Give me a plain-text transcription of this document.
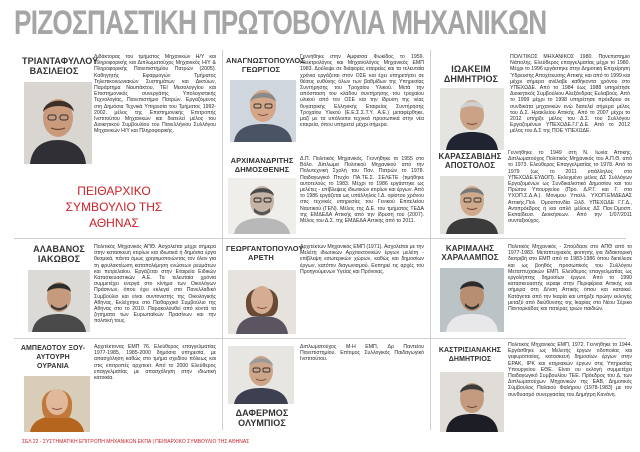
ΡΙΖΟΣΠΑΣΤΙΚΗ ΠΡΩΤΟΒΟΥΛΙΑ ΜΗΧΑΝΙΚΩΝ
ΤΡΙΑΝΤΑΦΥΛΛΟΥ ΒΑΣΙΛΕΙΟΣ
Διδάκτορας του τμήματος Μηχανικών Η/Υ και Πληροφορικής και Διπλωματούχος Μηχανικός Η/Υ & Πληροφορικής Πανεπιστημίου Πατρών (2005). Καθηγητής Εφαρμογών Τμήματος Τηλεπικοινωνιακών Συστημάτων και Δικτύων, Παράρτημα Ναυπάκτου, ΤΕΙ Μεσολογγίου και Επιστημονικός συνεργάτης Υπολογιστικής Τεχνολογίας, Πανεπιστήμιο Πατρών. Εργαζόμενος στη Δημόσια Τεχνικά Υπηρεσία του Τμήματος 1992-2002. μέλος της Επιστημονικής Επιτροπής Ινστιτούτου Μηχανικών και διατελεί μέλος του Διοικητικού Συμβουλίου του Πανελλήνιου Συλλόγου Μηχανικών Η/Υ και Πληροφορικής.
ΠΕΙΘΑΡΧΙΚΟ ΣΥΜΒΟΥΛΙΟ ΤΗΣ ΑΘΗΝΑΣ
ΑΝΑΓΝΩΣΤΟΠΟΥΛΟΣ ΓΕΩΡΓΙΟΣ
Γεννήθηκε στην Αμφισσα Φωκίδος το 1959. Ηλεκτρολόγος και Μηχανολόγος Μηχανικός ΕΜΠ 1983. Δούλεψε σε διάφορες εταιρείες και τα τελευταία χρόνια εργάζεται στον ΟΣΕ και έχει υπηρετήσει σε θέσεις ευθύνης όλων των βαθμίδων της Υπηρεσίας Συντήρησης του Τροχαίου Υλικού. Μετά την απόσπαση του κλάδου συντήρησης του τροχαίου υλικού από τον ΟΣΕ και την ίδρυση της νέας θυγατρικής Ελληνικής Εταιρείας Συντήρησης Τροχαίου Υλικού (Ε.Ε.Σ.Σ.Τ.Υ. Α.Ε.) μεταφέρθηκε, μαζί με τα υπόλοιπα τεχνικά προσωπικά στην νέα εταιρεία, όπου υπηρετεί μέχρι σήμερα.
ΠΟΛΙΤΙΚΟΣ ΜΗΧΑΝΙΚΟΣ 1980. Πανεπιστήμιο Νάπολης. Ελεύθερος επαγγελματίας μέχρι το 1980. Μέχρι το 1996 εργάστηκε στην Δημοτική Επιχείρηση Ύδρευσης Αποχέτευσης Αττικής και από το 1999 και μέχρι σήμερα ανέλαβε καθήκοντα χρόνου στο ΥΠΕΧΩΔΕ. Από το 1984 έως 1988 υπηρέτησε Διοικητικός Συμβούλιου Αλεξάνδρας Ευλαβούς. Από το 1999 μέχρι το 1998 υπηρέτησε πρόεδρου σε συνδικάτα μηχανικών ενώ διατελεί σήμερα μέλος του Δ.Σ. Ηρακλείου Αττικής. Από το 2007 μέχρι το 2012 υπήρξε μέλος του Δ.Σ. του Συλλόγου Εργαζομένων ΥΠΕΧΩΔΕ.Γ.Γ.Δ.Ε. Από το 2012 μέλος του Δ.Σ της ΠΟΕ ΥΠΕΧΩΔΕ.
ΙΩΑΚΕΙΜ ΔΗΜΗΤΡΙΟΣ
ΑΡΧΙΜΑΝΔΡΙΤΗΣ ΔΗΜΟΣΘΕΝΗΣ
Δ.Π. Πολιτικός Μηχανικός. Γεννήθηκε το 1955 στο Βόλο. Δίπλωμα Πολιτικού Μηχανικού από την Πολυτεχνική Σχολή του Παν. Πατρών το 1978. Παιδαγωγικό Πτυχίο ΠΑ.ΤΕ.Σ. ΣΕΛΕΤΕ (τιμήθηκε αυτοτελούς το 1983. Μέχρι το 1986 εργάστηκε ως μελέτες - επίβλεψεις ιδιωτικών κτιρίων και έργων. Από το 1986 εργάζεται ως υπάλληλος Ι.Δ. ορίστου χρόνου στις τεχνικές υπηρεσίες του Γενικού Επιτελείου Ναυτικού (ΓΕΝ). Μέλος της Δ.Ε. του τμήματος ΤΕΔΑ της ΕΜΔΕΔΑ Αττικής από την ίδρυση του (2007). Μέλος του Δ.Σ. της ΕΜΔΕΔΑ Αττικής από το 2011.
ΚΑΡΑΣΣΑΒΙΔΗΣ ΑΠΟΣΤΟΛΟΣ
Γεννήθηκε το 1949 στη Ν. Ιωνία Αττικής. Διπλωματούχος Πολιτικός Μηχανικός του Α.Π.Θ. από το 1973. Ελεύθερος Επαγγελματίας το 1978. Από το 1979 (ως το 2011 υπάλληλος στο ΥΠΕΧΩΔΕ.ΕΥΔΟΠ). Εκλεγμένο μέλος ΔΣ Συλλόγων Εργαζομένων ως Συνδικαλιστικό Δημοσίου και του Πρώτου Υπουργείου (Προ. Δ.Ρ.Γ. και Γ. στο ΥΧΟΠ.Σ.Δ.Α.). Μονιμου Υπαλλ. ΥΧΟΠ.ΕΜΔΕΔΑΣ Αττικής.Πολ. Ομοσπονδία Ξιλδ. ΥΠΕΧΩΔΕ Γ.Γ.Δ., Αντιπρόεδρος ή και απλό μέλους ΔΣ Παν.Ομοσπ. Εκπαίδευσ. Διοικήσεων. Από την 1/07/2011 συνταξιούχος.
ΑΛΑΒΑΝΟΣ ΙΑΚΩΒΟΣ
Πολιτικός Μηχανικός ΑΠΘ. Ασχολείται μέχρι σήμερα στην κατασκευή κτιρίων και ιδιωτικά ή δημόσια έργα θεσμικά, πάντα όμως χρησιμοποιώντας τον όλον για τη φρυλακτέωση καταπολέμηση ενώσεων ρευμάτων και πετρελαίου. Εργάζεται στην Εταιρεία Ειδικών Κατασκευαστικών Α.Ε. Τα τελευταία χρόνια συμμετέχει ενεργά στο κίνημα των Οικολόγων Πράσινων, όπου έχει εκλεγεί στο Πανελλαδικό Συμβούλιο και είναι συντονιστής της Οικολογικής Αθήνας, Εκλέχτηκε στο Πειθαρχικό Συμβούλιο της Αθήνας στο το 2010. Παρακολουθεί από κοντά τα ζητήματα των Ευρωπαϊκών Πρασίνων και την πολιτική τους.
ΓΕΩΡΓΑΝΤΟΠΟΥΛΟΥ ΑΡΕΤΗ
Αρχιτέκτων Μηχανικός ΕΜΠ (1971). Ασχολείται με την Μελέτη ιδιωτικών Αρχιτεκτονικών έργων μελέτη - επίβλεψη εσωτερικών χώρων, καθώς και δημοσίων έργων, κατόπιν διαγωνισμού. Εκπηρεί τις αρχές του Προηγούμενων Υγείας και Πρόνοιας.
ΚΑΡΙΜΑΛΗΣ ΧΑΡΑΛΑΜΠΟΣ
Πολιτικός Μηχανικός - Σπούδασε στο ΑΠΘ από το 1977-1983. Μεταπτυχιακός φοιτητής για διδακτορική διατριβή στο ΕΜΠ από το 1983-1986 όπου διετέλεσε και ως βοηθός προσωπικός του Συλλόγου Μεταπτυχιακών ΕΜΠ. Ελεύθερος επαγγελματίας ως εργολήπτης δημοσίων έργων. Από το 1990 κατασκευαστής ιεραφι στην Περιφέρεια Αττικής και σήμερα στη Δ/νση Αττικής όπου και κατοικεί. Κατάγεται από την Ικαρία και υπήρξε πρώην εκλογής μεταξύ από διεύθυνσης της Ικαρίας στο Νέου Σέρικο Παντορκάδας και πατέρας τριών παιδιών.
ΑΜΠΕΛΟΤΟΥ ΞΟΥ-ΑΥΤΟΥΡΗ ΟΥΡΑΝΙΑ
Αρχιτέκτονας ΕΜΠ 76. Ελεύθερος επαγγελματίας 1977-1985, 1985-2000 δημόσια υπηρεσία, με απασχόληση καθώς στο τμήμα σχεδίου πόλεως και στις επιτροπές αρχιτεκτ. Από το 2000 Ελεύθερος επαγγελματίας με απασχόληση στην ιδιωτική κατοικία.
ΔΑΦΕΡΜΟΣ ΟΛΥΜΠΙΟΣ
Διπλωματούχος Μ-Η ΕΜΠ, Δρ Παντείου Πανεπιστημίου. Επίτιμος Συλλογικός Παιδαγωγικό Ινστιτούτου.
ΚΑΣΤΡΙΣΙΑΝΑΚΗΣ ΔΗΜΗΤΡΙΟΣ
Πολιτικός Μηχανικός ΕΜΠ, 1972. Γεννήθηκε το 1944. Εργάσθηκε ως Μελετής έργων οδοποιίας και γεφυροποιίας, κατασκευή δημοσίων έργων στην ΕΡΑΚ, ΙΡΚ και κτηριακών έργων στις Υπηρεσίας Υπουργείου ΕΘΕ. Είναι ου εκλογή συμμετέχει Παιδαγωγικό Συμβουλίου ΤΕΕ. Πρόεδρος του Δ. των Διπλωματούχων Μηχανικών της ΕΑΒ, Δημοτικός Σύμβουλος Παλαιού Φαλήρου (1978-1983) με τον συνδυασμό συνεργασίας του Δημήτρη Κανάνη.
ΣΕΛ 22 - ΣΥΣΤΗΜΑΤΙΚΗ ΕΠΙΤΡΟΠΗ ΜΗΧΑΝΙΚΩΝ ΕΚΠΑ | ΠΕΙΘΑΡΧΙΚΟ ΣΥΜΒΟΥΛΙΟ ΤΗΣ ΑΘΗΝΑΣ
